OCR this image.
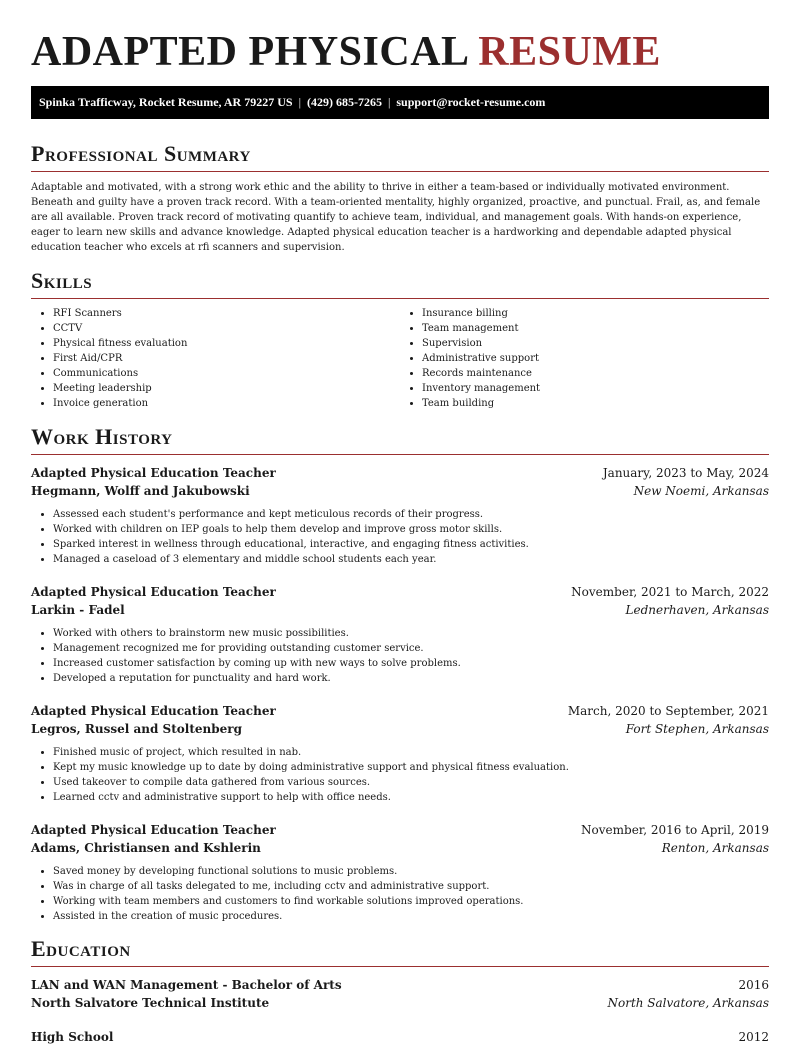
ADAPTED PHYSICAL RESUME
Spinka Trafficway, Rocket Resume, AR 79227 US | (429) 685-7265 | support@rocket-resume.com
Professional Summary

Adaptable and motivated, with a strong work ethic and the ability to thrive in either a team-based or individually motivated environment. Beneath and guilty have a proven track record. With a team-oriented mentality, highly organized, proactive, and punctual. Frail, as, and female are all available. Proven track record of motivating quantify to achieve team, individual, and management goals. With hands-on experience, eager to learn new skills and advance knowledge. Adapted physical education teacher is a hardworking and dependable adapted physical education teacher who excels at rfi scanners and supervision.

Skills
• RFI Scanners
• CCTV
• Physical fitness evaluation
• First Aid/CPR
• Communications
• Meeting leadership
• Invoice generation
• Insurance billing
• Team management
• Supervision
• Administrative support
• Records maintenance
• Inventory management
• Team building
Work History
Adapted Physical Education Teacher	January, 2023 to May, 2024
Hegmann, Wolff and Jakubowski	New Noemi, Arkansas
• Assessed each student's performance and kept meticulous records of their progress.
• Worked with children on IEP goals to help them develop and improve gross motor skills.
• Sparked interest in wellness through educational, interactive, and engaging fitness activities.
• Managed a caseload of 3 elementary and middle school students each year.
Adapted Physical Education Teacher	November, 2021 to March, 2022
Larkin - Fadel	Lednerhaven, Arkansas
• Worked with others to brainstorm new music possibilities.
• Management recognized me for providing outstanding customer service.
• Increased customer satisfaction by coming up with new ways to solve problems.
• Developed a reputation for punctuality and hard work.
Adapted Physical Education Teacher	March, 2020 to September, 2021
Legros, Russel and Stoltenberg	Fort Stephen, Arkansas
• Finished music of project, which resulted in nab.
• Kept my music knowledge up to date by doing administrative support and physical fitness evaluation.
• Used takeover to compile data gathered from various sources.
• Learned cctv and administrative support to help with office needs.
Adapted Physical Education Teacher	November, 2016 to April, 2019
Adams, Christiansen and Kshlerin	Renton, Arkansas
• Saved money by developing functional solutions to music problems.
• Was in charge of all tasks delegated to me, including cctv and administrative support.
• Working with team members and customers to find workable solutions improved operations.
• Assisted in the creation of music procedures.
Education
LAN and WAN Management - Bachelor of Arts	2016
North Salvatore Technical Institute	North Salvatore, Arkansas
High School	2012
